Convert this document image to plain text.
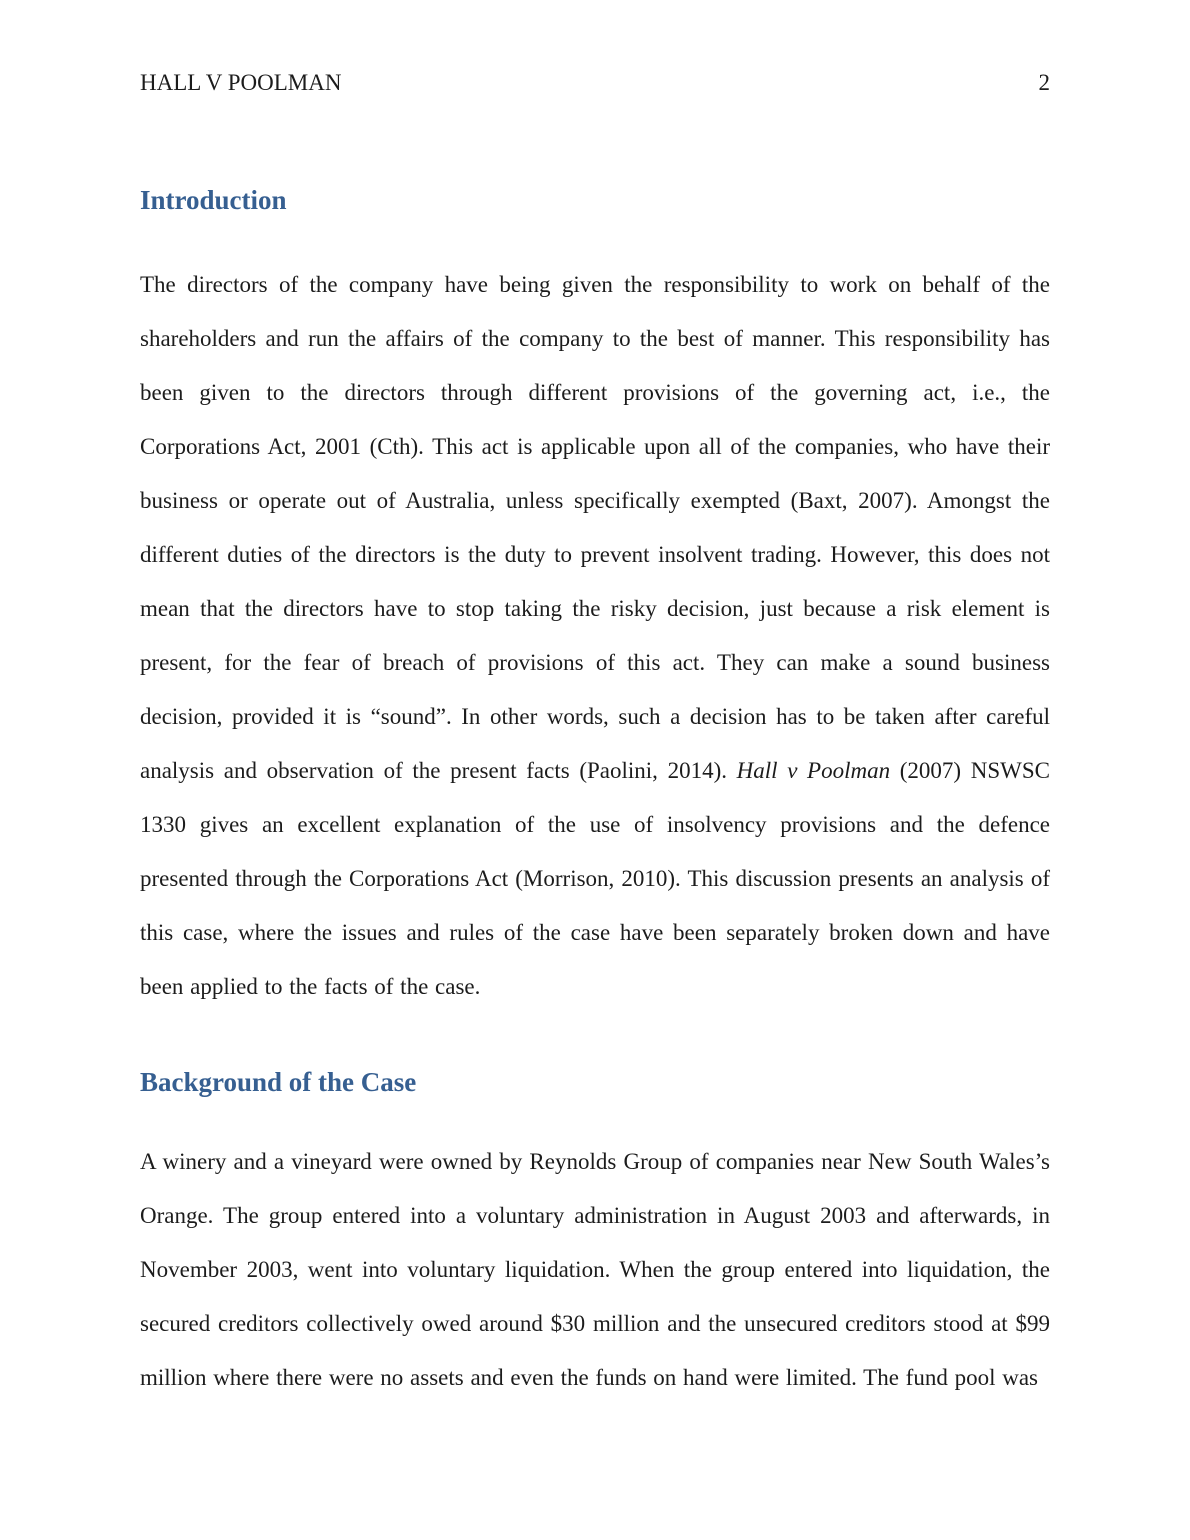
HALL V POOLMAN	2
Introduction

The directors of the company have being given the responsibility to work on behalf of the shareholders and run the affairs of the company to the best of manner. This responsibility has been given to the directors through different provisions of the governing act, i.e., the Corporations Act, 2001 (Cth). This act is applicable upon all of the companies, who have their business or operate out of Australia, unless specifically exempted (Baxt, 2007). Amongst the different duties of the directors is the duty to prevent insolvent trading. However, this does not mean that the directors have to stop taking the risky decision, just because a risk element is present, for the fear of breach of provisions of this act. They can make a sound business decision, provided it is “sound”. In other words, such a decision has to be taken after careful analysis and observation of the present facts (Paolini, 2014). Hall v Poolman (2007) NSWSC 1330 gives an excellent explanation of the use of insolvency provisions and the defence presented through the Corporations Act (Morrison, 2010). This discussion presents an analysis of this case, where the issues and rules of the case have been separately broken down and have been applied to the facts of the case.

Background of the Case

A winery and a vineyard were owned by Reynolds Group of companies near New South Wales’s Orange. The group entered into a voluntary administration in August 2003 and afterwards, in November 2003, went into voluntary liquidation. When the group entered into liquidation, the secured creditors collectively owed around $30 million and the unsecured creditors stood at $99 million where there were no assets and even the funds on hand were limited. The fund pool was
